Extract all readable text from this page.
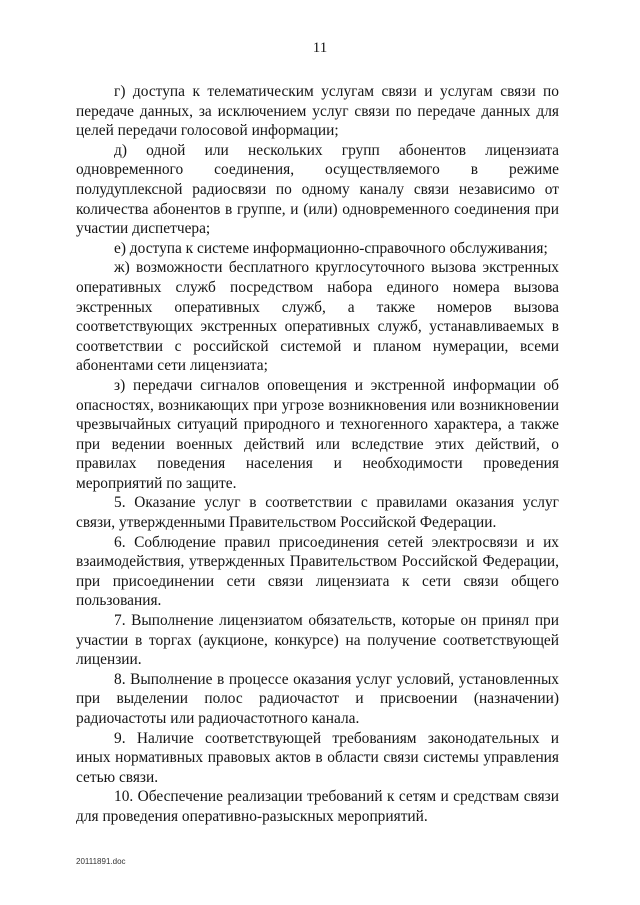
11

г) доступа к телематическим услугам связи и услугам связи по передаче данных, за исключением услуг связи по передаче данных для целей передачи голосовой информации;

д) одной или нескольких групп абонентов лицензиата одновременного соединения, осуществляемого в режиме полудуплексной радиосвязи по одному каналу связи независимо от количества абонентов в группе, и (или) одновременного соединения при участии диспетчера;

е) доступа к системе информационно-справочного обслуживания;

ж) возможности бесплатного круглосуточного вызова экстренных оперативных служб посредством набора единого номера вызова экстренных оперативных служб, а также номеров вызова соответствующих экстренных оперативных служб, устанавливаемых в соответствии с российской системой и планом нумерации, всеми абонентами сети лицензиата;

з) передачи сигналов оповещения и экстренной информации об опасностях, возникающих при угрозе возникновения или возникновении чрезвычайных ситуаций природного и техногенного характера, а также при ведении военных действий или вследствие этих действий, о правилах поведения населения и необходимости проведения мероприятий по защите.

5. Оказание услуг в соответствии с правилами оказания услуг связи, утвержденными Правительством Российской Федерации.

6. Соблюдение правил присоединения сетей электросвязи и их взаимодействия, утвержденных Правительством Российской Федерации, при присоединении сети связи лицензиата к сети связи общего пользования.

7. Выполнение лицензиатом обязательств, которые он принял при участии в торгах (аукционе, конкурсе) на получение соответствующей лицензии.

8. Выполнение в процессе оказания услуг условий, установленных при выделении полос радиочастот и присвоении (назначении) радиочастоты или радиочастотного канала.

9. Наличие соответствующей требованиям законодательных и иных нормативных правовых актов в области связи системы управления сетью связи.

10. Обеспечение реализации требований к сетям и средствам связи для проведения оперативно-разыскных мероприятий.

20111891.doc
